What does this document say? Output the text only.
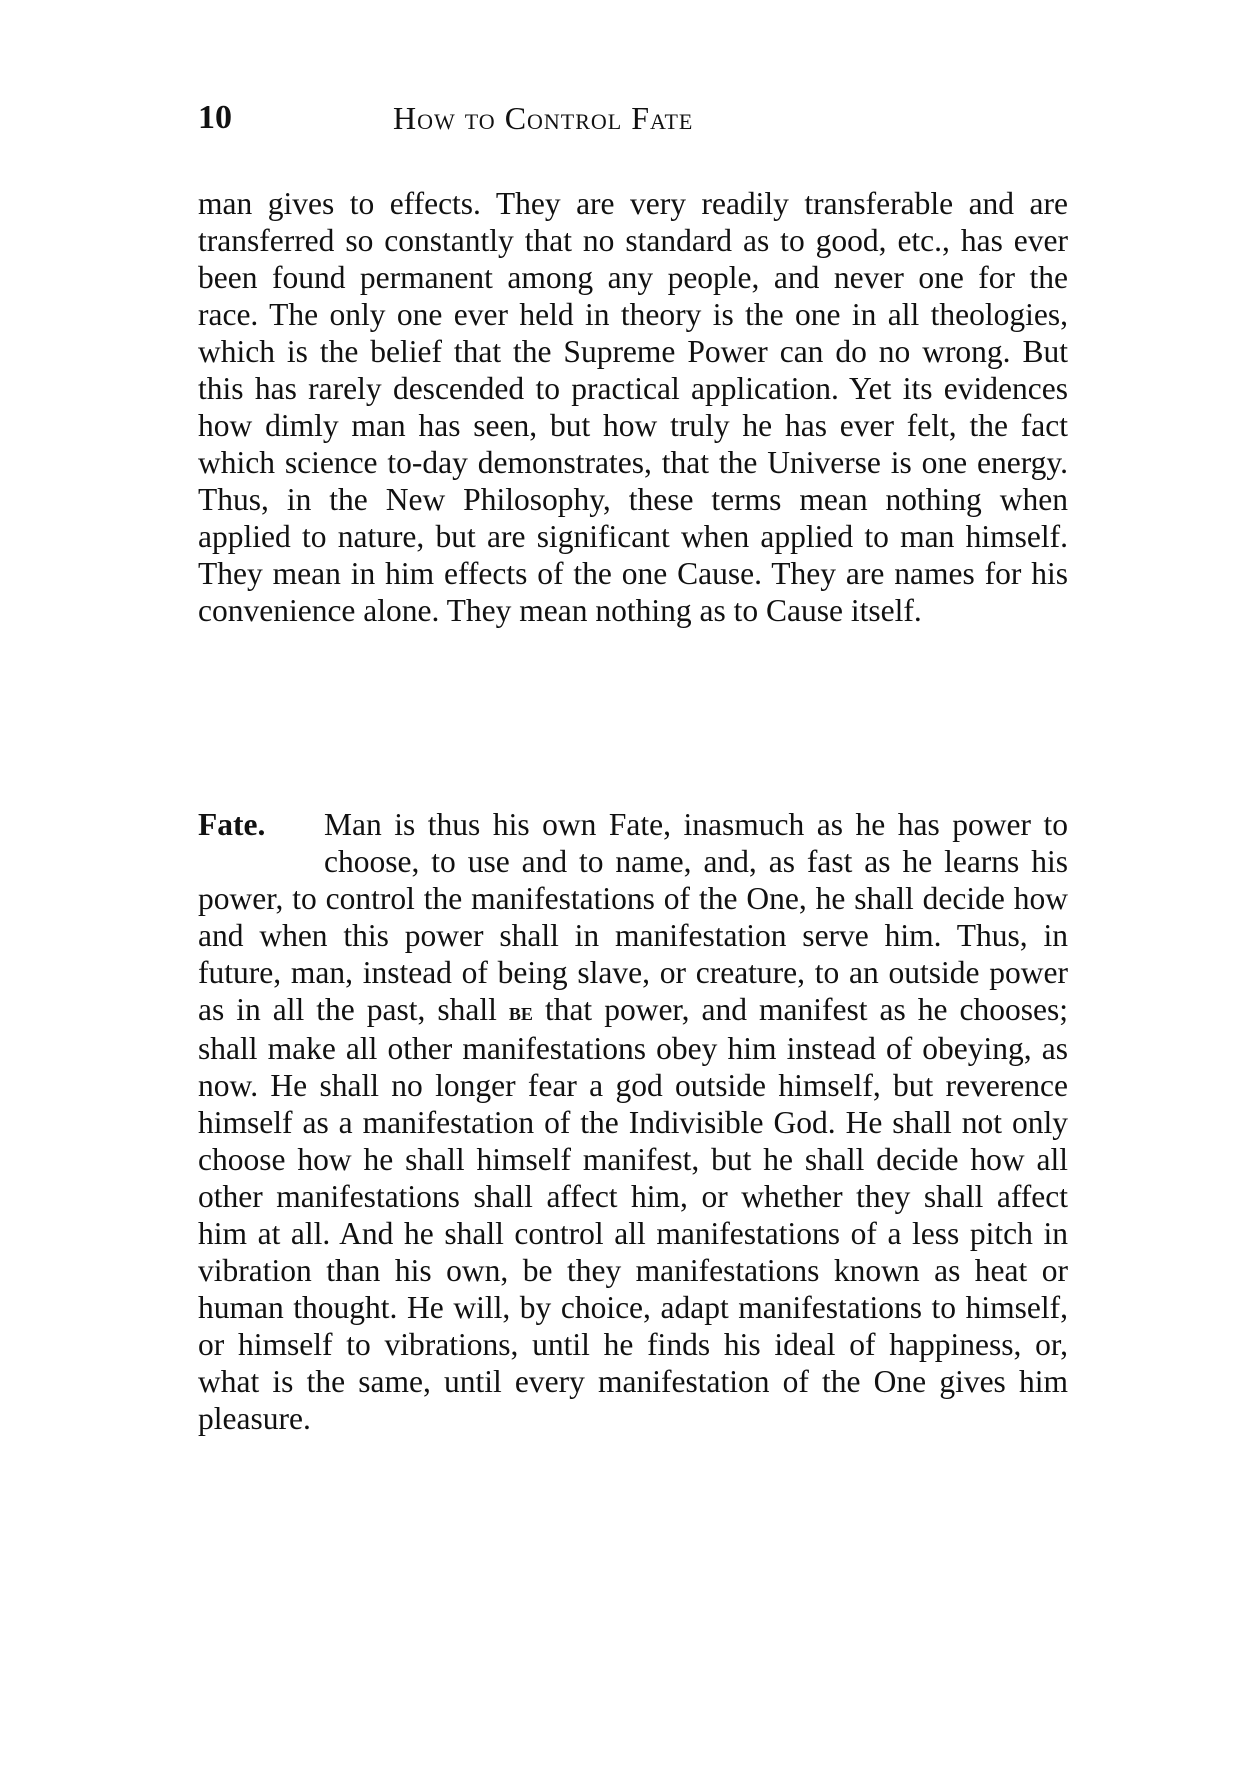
10	How to Control Fate
man gives to effects. They are very readily transferable and are transferred so constantly that no standard as to good, etc., has ever been found permanent among any people, and never one for the race. The only one ever held in theory is the one in all theologies, which is the belief that the Supreme Power can do no wrong. But this has rarely descended to practical application. Yet its evidences how dimly man has seen, but how truly he has ever felt, the fact which science to-day demonstrates, that the Universe is one energy. Thus, in the New Philosophy, these terms mean nothing when applied to nature, but are significant when applied to man himself. They mean in him effects of the one Cause. They are names for his convenience alone. They mean nothing as to Cause itself.
Fate.	Man is thus his own Fate, inasmuch as he has power to choose, to use and to name, and, as fast as he learns his power, to control the manifestations of the One, he shall decide how and when this power shall in manifestation serve him. Thus, in future, man, instead of being slave, or creature, to an outside power as in all the past, shall be that power, and manifest as he chooses; shall make all other manifestations obey him instead of obeying, as now. He shall no longer fear a god outside himself, but reverence himself as a manifestation of the Indivisible God. He shall not only choose how he shall himself manifest, but he shall decide how all other manifestations shall affect him, or whether they shall affect him at all. And he shall control all manifestations of a less pitch in vibration than his own, be they manifestations known as heat or human thought. He will, by choice, adapt manifestations to himself, or himself to vibrations, until he finds his ideal of happiness, or, what is the same, until every manifestation of the One gives him pleasure.
